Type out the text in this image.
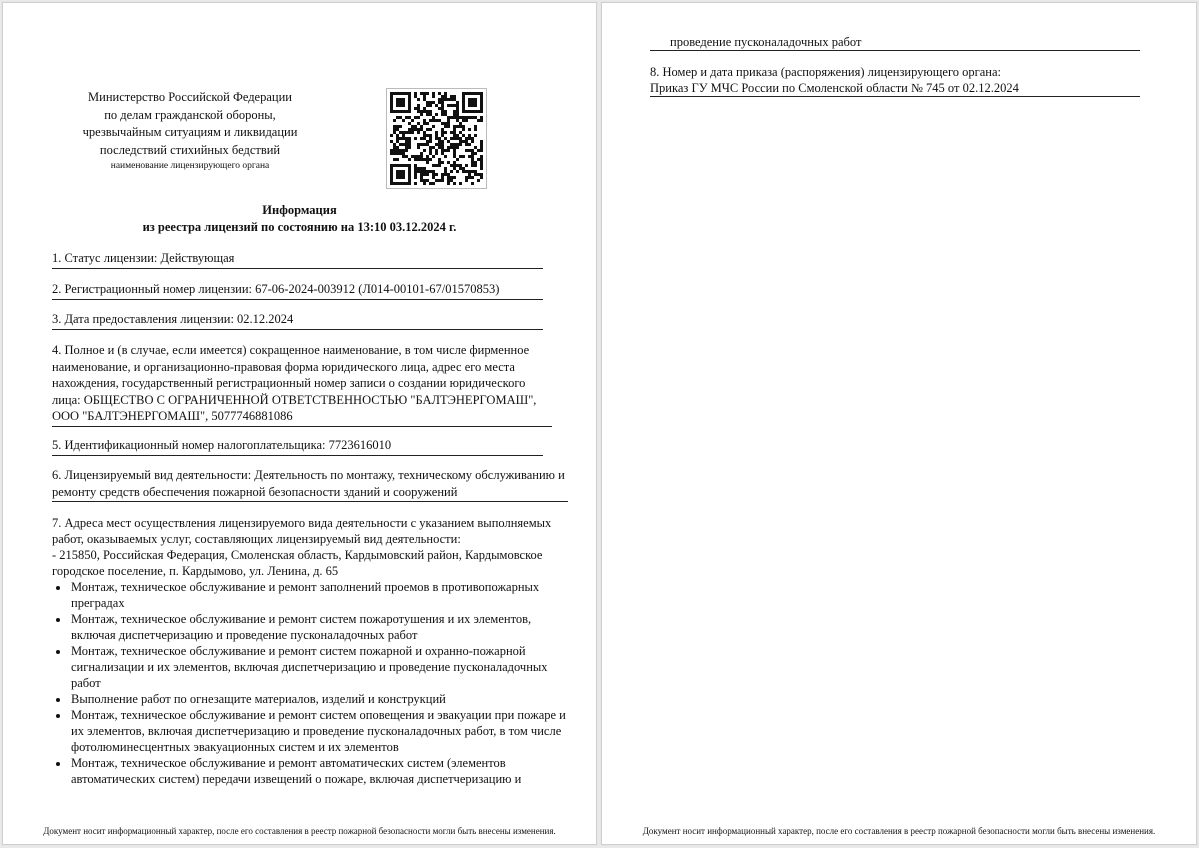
Министерство Российской Федерации
по делам гражданской обороны,
чрезвычайным ситуациям и ликвидации
последствий стихийных бедствий
наименование лицензирующего органа
Информация
из реестра лицензий по состоянию на 13:10 03.12.2024 г.
1. Статус лицензии: Действующая
2. Регистрационный номер лицензии: 67-06-2024-003912 (Л014-00101-67/01570853)
3. Дата предоставления лицензии: 02.12.2024
4. Полное и (в случае, если имеется) сокращенное наименование, в том числе фирменное наименование, и организационно-правовая форма юридического лица, адрес его места нахождения, государственный регистрационный номер записи о создании юридического лица: ОБЩЕСТВО С ОГРАНИЧЕННОЙ ОТВЕТСТВЕННОСТЬЮ "БАЛТЭНЕРГОМАШ", ООО "БАЛТЭНЕРГОМАШ", 5077746881086
5. Идентификационный номер налогоплательщика: 7723616010
6. Лицензируемый вид деятельности: Деятельность по монтажу, техническому обслуживанию и ремонту средств обеспечения пожарной безопасности зданий и сооружений
7. Адреса мест осуществления лицензируемого вида деятельности с указанием выполняемых работ, оказываемых услуг, составляющих лицензируемый вид деятельности:
- 215850, Российская Федерация, Смоленская область, Кардымовский район, Кардымовское городское поселение, п. Кардымово, ул. Ленина, д. 65
• Монтаж, техническое обслуживание и ремонт заполнений проемов в противопожарных преградах
• Монтаж, техническое обслуживание и ремонт систем пожаротушения и их элементов, включая диспетчеризацию и проведение пусконаладочных работ
• Монтаж, техническое обслуживание и ремонт систем пожарной и охранно-пожарной сигнализации и их элементов, включая диспетчеризацию и проведение пусконаладочных работ
• Выполнение работ по огнезащите материалов, изделий и конструкций
• Монтаж, техническое обслуживание и ремонт систем оповещения и эвакуации при пожаре и их элементов, включая диспетчеризацию и проведение пусконаладочных работ, в том числе фотолюминесцентных эвакуационных систем и их элементов
• Монтаж, техническое обслуживание и ремонт автоматических систем (элементов автоматических систем) передачи извещений о пожаре, включая диспетчеризацию и
Документ носит информационный характер, после его составления в реестр пожарной безопасности могли быть внесены изменения.
проведение пусконаладочных работ
8. Номер и дата приказа (распоряжения) лицензирующего органа:
Приказ ГУ МЧС России по Смоленской области № 745 от 02.12.2024
Документ носит информационный характер, после его составления в реестр пожарной безопасности могли быть внесены изменения.
